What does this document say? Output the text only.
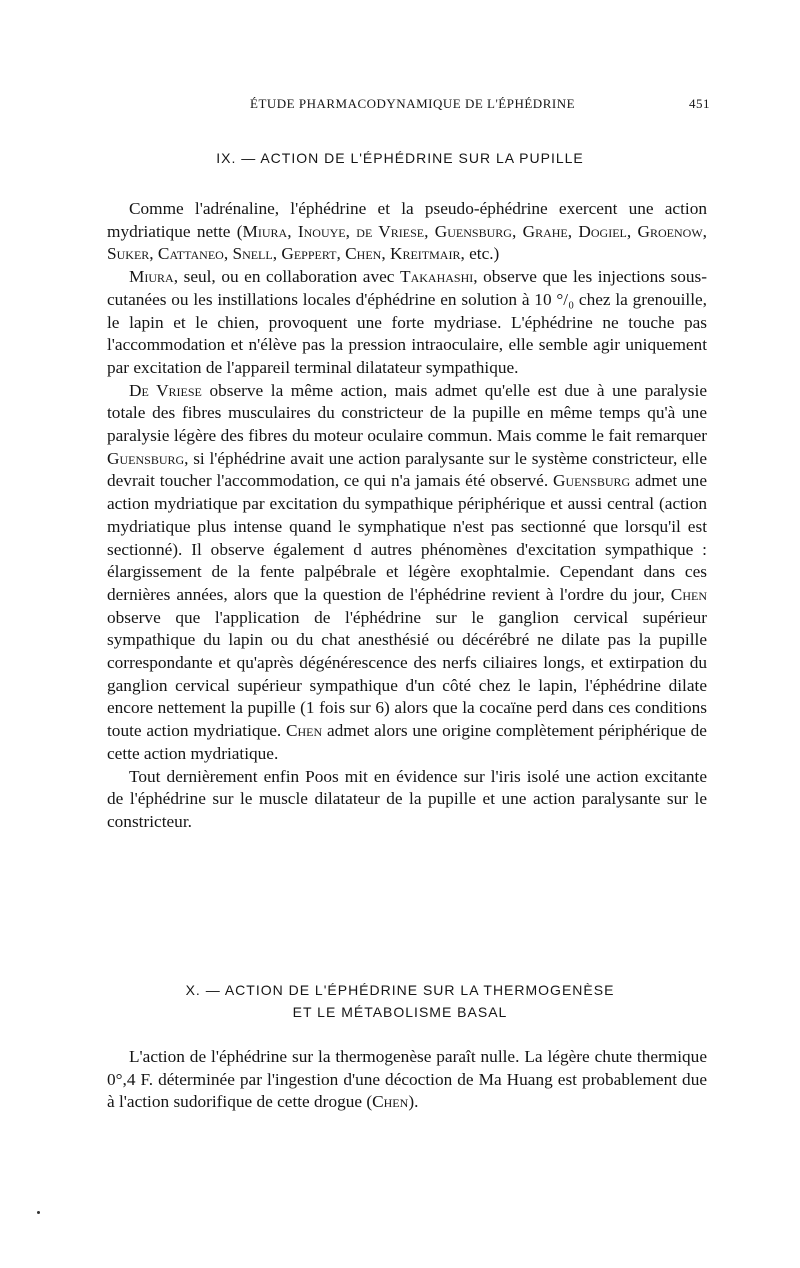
ÉTUDE PHARMACODYNAMIQUE DE L'ÉPHÉDRINE	451
IX. — ACTION DE L'ÉPHÉDRINE SUR LA PUPILLE

Comme l'adrénaline, l'éphédrine et la pseudo-éphédrine exercent une action mydriatique nette (Miura, Inouye, de Vriese, Guensburg, Grahe, Dogiel, Groenow, Suker, Cattaneo, Snell, Geppert, Chen, Kreitmair, etc.)

Miura, seul, ou en collaboration avec Takahashi, observe que les injections sous-cutanées ou les instillations locales d'éphédrine en solution à 10 °/₀ chez la grenouille, le lapin et le chien, provoquent une forte mydriase. L'éphédrine ne touche pas l'accommodation et n'élève pas la pression intraoculaire, elle semble agir uniquement par excitation de l'appareil terminal dilatateur sympathique.

De Vriese observe la même action, mais admet qu'elle est due à une paralysie totale des fibres musculaires du constricteur de la pupille en même temps qu'à une paralysie légère des fibres du moteur oculaire commun. Mais comme le fait remarquer Guensburg, si l'éphédrine avait une action paralysante sur le système constricteur, elle devrait toucher l'accommodation, ce qui n'a jamais été observé. Guensburg admet une action mydriatique par excitation du sympathique périphérique et aussi central (action mydriatique plus intense quand le symphatique n'est pas sectionné que lorsqu'il est sectionné). Il observe également d autres phénomènes d'excitation sympathique : élargissement de la fente palpébrale et légère exophtalmie. Cependant dans ces dernières années, alors que la question de l'éphédrine revient à l'ordre du jour, Chen observe que l'application de l'éphédrine sur le ganglion cervical supérieur sympathique du lapin ou du chat anesthésié ou décérébré ne dilate pas la pupille correspondante et qu'après dégénérescence des nerfs ciliaires longs, et extirpation du ganglion cervical supérieur sympathique d'un côté chez le lapin, l'éphédrine dilate encore nettement la pupille (1 fois sur 6) alors que la cocaïne perd dans ces conditions toute action mydriatique. Chen admet alors une origine complètement périphérique de cette action mydriatique.

Tout dernièrement enfin Poos mit en évidence sur l'iris isolé une action excitante de l'éphédrine sur le muscle dilatateur de la pupille et une action paralysante sur le constricteur.

X. — ACTION DE L'ÉPHÉDRINE SUR LA THERMOGENÈSE
ET LE MÉTABOLISME BASAL

L'action de l'éphédrine sur la thermogenèse paraît nulle. La légère chute thermique 0°,4 F. déterminée par l'ingestion d'une décoction de Ma Huang est probablement due à l'action sudorifique de cette drogue (Chen).
